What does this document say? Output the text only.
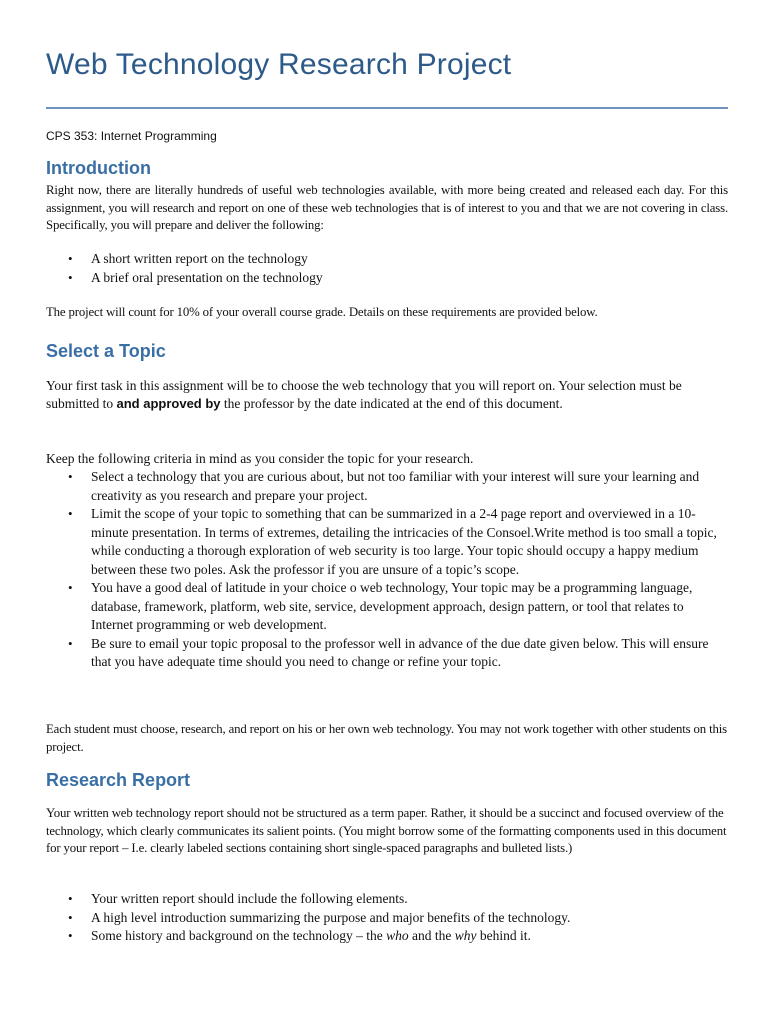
Web Technology Research Project
CPS 353: Internet Programming
Introduction

Right now, there are literally hundreds of useful web technologies available, with more being created and released each day. For this assignment, you will research and report on one of these web technologies that is of interest to you and that we are not covering in class. Specifically, you will prepare and deliver the following:

• A short written report on the technology
• A brief oral presentation on the technology

The project will count for 10% of your overall course grade. Details on these requirements are provided below.

Select a Topic

Your first task in this assignment will be to choose the web technology that you will report on. Your selection must be submitted to and approved by the professor by the date indicated at the end of this document.

Keep the following criteria in mind as you consider the topic for your research.

• Select a technology that you are curious about, but not too familiar with your interest will sure your learning and creativity as you research and prepare your project.
• Limit the scope of your topic to something that can be summarized in a 2-4 page report and overviewed in a 10-minute presentation. In terms of extremes, detailing the intricacies of the Consoel.Write method is too small a topic, while conducting a thorough exploration of web security is too large. Your topic should occupy a happy medium between these two poles. Ask the professor if you are unsure of a topic’s scope.
• You have a good deal of latitude in your choice o web technology, Your topic may be a programming language, database, framework, platform, web site, service, development approach, design pattern, or tool that relates to Internet programming or web development.
• Be sure to email your topic proposal to the professor well in advance of the due date given below. This will ensure that you have adequate time should you need to change or refine your topic.

Each student must choose, research, and report on his or her own web technology. You may not work together with other students on this project.

Research Report

Your written web technology report should not be structured as a term paper. Rather, it should be a succinct and focused overview of the technology, which clearly communicates its salient points. (You might borrow some of the formatting components used in this document for your report – I.e. clearly labeled sections containing short single-spaced paragraphs and bulleted lists.)

• Your written report should include the following elements.
• A high level introduction summarizing the purpose and major benefits of the technology.
• Some history and background on the technology – the who and the why behind it.
